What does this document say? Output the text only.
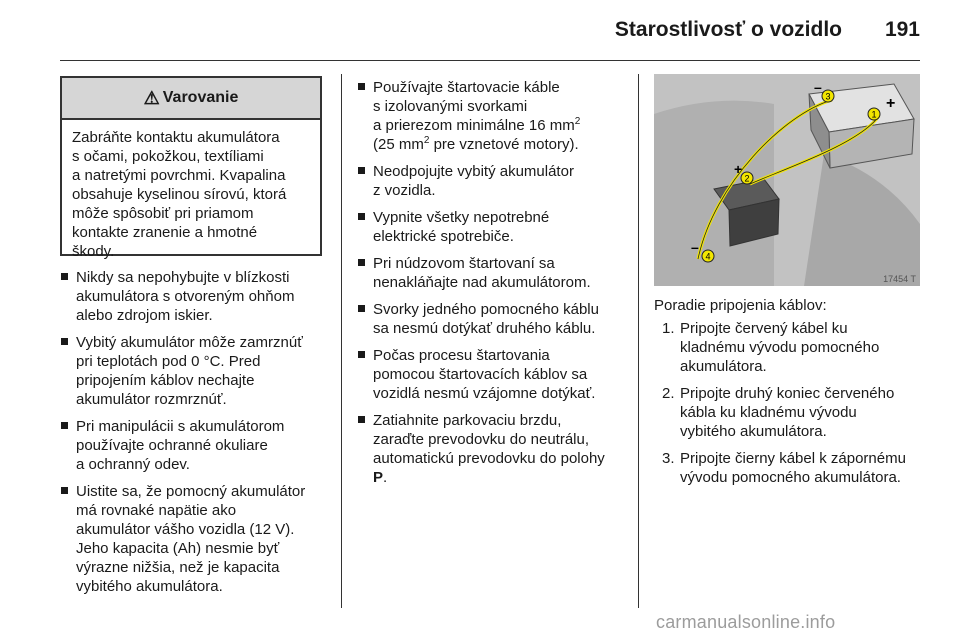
Starostlivosť o vozidlo 191
⚠ Varovanie
Zabráňte kontaktu akumulátora
s očami, pokožkou, textíliami
a natretými povrchmi. Kvapalina
obsahuje kyselinou sírovú, ktorá
môže spôsobiť pri priamom
kontakte zranenie a hmotné
škody.
Nikdy sa nepohybujte v blízkosti
akumulátora s otvoreným ohňom
alebo zdrojom iskier.
Vybitý akumulátor môže zamrznúť
pri teplotách pod 0 °C. Pred
pripojením káblov nechajte
akumulátor rozmrznúť.
Pri manipulácii s akumulátorom
používajte ochranné okuliare
a ochranný odev.
Uistite sa, že pomocný akumulátor
má rovnaké napätie ako
akumulátor vášho vozidla (12 V).
Jeho kapacita (Ah) nesmie byť
výrazne nižšia, než je kapacita
vybitého akumulátora.
Používajte štartovacie káble
s izolovanými svorkami
a prierezom minimálne 16 $mm^2$
(25 $mm^2$ pre vznetové motory).
Neodpojujte vybitý akumulátor
z vozidla.
Vypnite všetky nepotrebné
elektrické spotrebiče.
Pri núdzovom štartovaní sa
nenakláňajte nad akumulátorom.
Svorky jedného pomocného káblu
sa nesmú dotýkať druhého káblu.
Počas procesu štartovania
pomocou štartovacích káblov sa
vozidlá nesmú vzájomne dotýkať.
Zatiahnite parkovaciu brzdu,
zaraďte prevodovku do neutrálu,
automatickú prevodovku do polohy
P.
1
2
3
4
+
+
–
–
17454 T
Poradie pripojenia káblov:
1. Pripojte červený kábel ku
kladnému vývodu pomocného
akumulátora.
2. Pripojte druhý koniec červeného
kábla ku kladnému vývodu
vybitého akumulátora.
3. Pripojte čierny kábel k zápornému
vývodu pomocného akumulátora.
carmanualsonline.info
